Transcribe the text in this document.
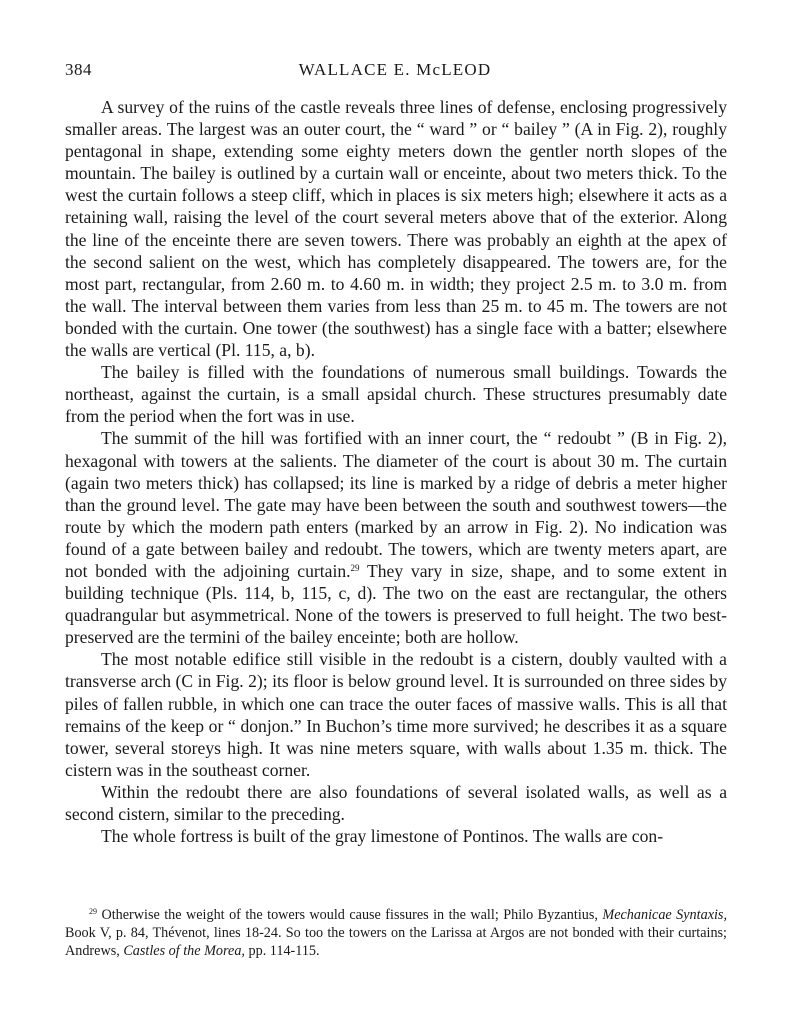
384	WALLACE E. McLEOD

A survey of the ruins of the castle reveals three lines of defense, enclosing progressively smaller areas. The largest was an outer court, the “ ward ” or “ bailey ” (A in Fig. 2), roughly pentagonal in shape, extending some eighty meters down the gentler north slopes of the mountain. The bailey is outlined by a curtain wall or enceinte, about two meters thick. To the west the curtain follows a steep cliff, which in places is six meters high; elsewhere it acts as a retaining wall, raising the level of the court several meters above that of the exterior. Along the line of the enceinte there are seven towers. There was probably an eighth at the apex of the second salient on the west, which has completely disappeared. The towers are, for the most part, rectangular, from 2.60 m. to 4.60 m. in width; they project 2.5 m. to 3.0 m. from the wall. The interval between them varies from less than 25 m. to 45 m. The towers are not bonded with the curtain. One tower (the southwest) has a single face with a batter; elsewhere the walls are vertical (Pl. 115, a, b).

The bailey is filled with the foundations of numerous small buildings. Towards the northeast, against the curtain, is a small apsidal church. These structures presumably date from the period when the fort was in use.

The summit of the hill was fortified with an inner court, the “ redoubt ” (B in Fig. 2), hexagonal with towers at the salients. The diameter of the court is about 30 m. The curtain (again two meters thick) has collapsed; its line is marked by a ridge of debris a meter higher than the ground level. The gate may have been between the south and southwest towers—the route by which the modern path enters (marked by an arrow in Fig. 2). No indication was found of a gate between bailey and redoubt. The towers, which are twenty meters apart, are not bonded with the adjoining curtain.$^{29}$ They vary in size, shape, and to some extent in building technique (Pls. 114, b, 115, c, d). The two on the east are rectangular, the others quadrangular but asymmetrical. None of the towers is preserved to full height. The two best-preserved are the termini of the bailey enceinte; both are hollow.

The most notable edifice still visible in the redoubt is a cistern, doubly vaulted with a transverse arch (C in Fig. 2); its floor is below ground level. It is surrounded on three sides by piles of fallen rubble, in which one can trace the outer faces of massive walls. This is all that remains of the keep or “ donjon.” In Buchon’s time more survived; he describes it as a square tower, several storeys high. It was nine meters square, with walls about 1.35 m. thick. The cistern was in the southeast corner.

Within the redoubt there are also foundations of several isolated walls, as well as a second cistern, similar to the preceding.

The whole fortress is built of the gray limestone of Pontinos. The walls are con-

$^{29}$ Otherwise the weight of the towers would cause fissures in the wall; Philo Byzantius, Mechanicae Syntaxis, Book V, p. 84, Thévenot, lines 18-24. So too the towers on the Larissa at Argos are not bonded with their curtains; Andrews, Castles of the Morea, pp. 114-115.
